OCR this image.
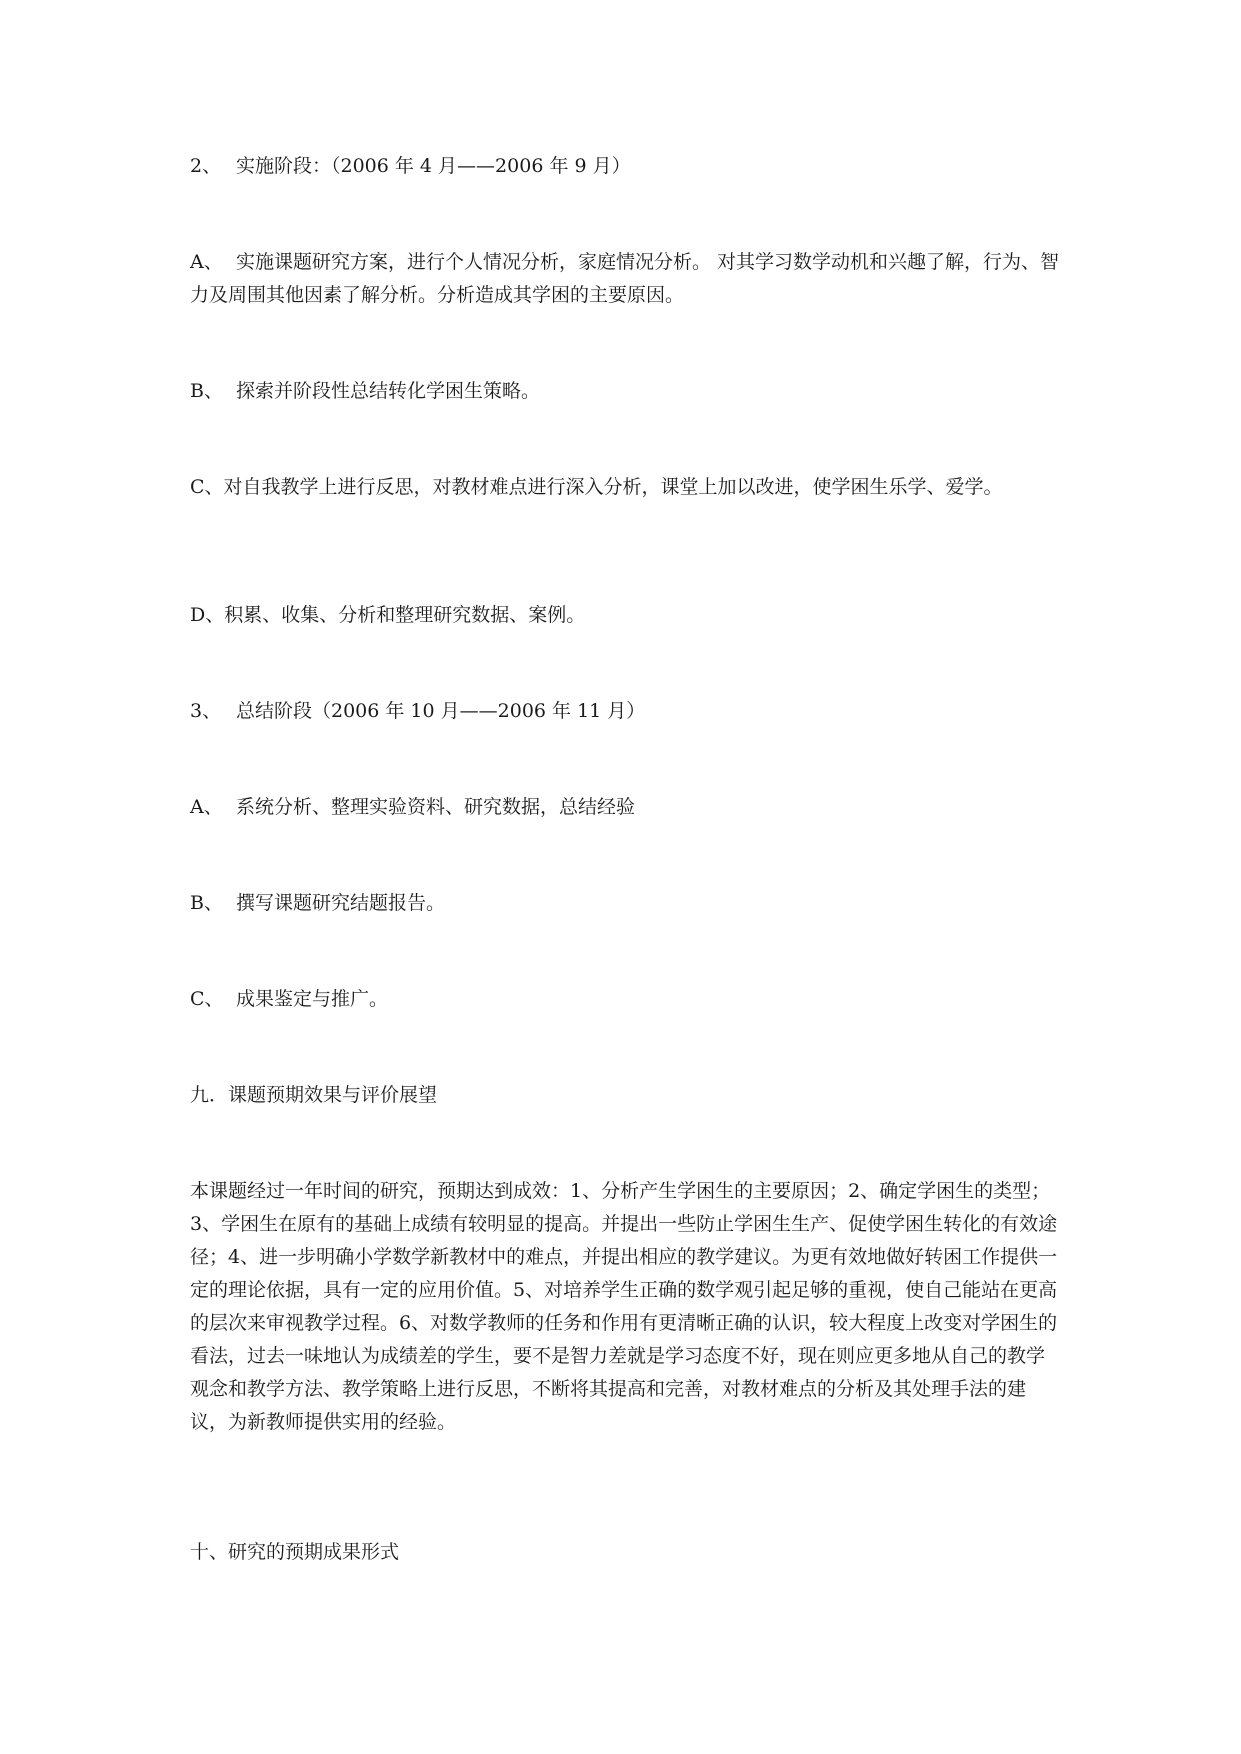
2、 实施阶段：（2006 年 4 月——2006 年 9 月）

A、 实施课题研究方案，进行个人情况分析，家庭情况分析。 对其学习数学动机和兴趣了解，行为、智力及周围其他因素了解分析。分析造成其学困的主要原因。

B、 探索并阶段性总结转化学困生策略。

C、对自我教学上进行反思，对教材难点进行深入分析，课堂上加以改进，使学困生乐学、爱学。

D、积累、收集、分析和整理研究数据、案例。

3、 总结阶段（2006 年 10 月——2006 年 11 月）

A、 系统分析、整理实验资料、研究数据，总结经验

B、 撰写课题研究结题报告。

C、 成果鉴定与推广。

九．课题预期效果与评价展望

本课题经过一年时间的研究，预期达到成效：1、分析产生学困生的主要原因；2、确定学困生的类型；3、学困生在原有的基础上成绩有较明显的提高。并提出一些防止学困生生产、促使学困生转化的有效途径；4、进一步明确小学数学新教材中的难点，并提出相应的教学建议。为更有效地做好转困工作提供一定的理论依据，具有一定的应用价值。5、对培养学生正确的数学观引起足够的重视，使自己能站在更高的层次来审视教学过程。6、对数学教师的任务和作用有更清晰正确的认识，较大程度上改变对学困生的看法，过去一味地认为成绩差的学生，要不是智力差就是学习态度不好，现在则应更多地从自己的教学观念和教学方法、教学策略上进行反思，不断将其提高和完善，对教材难点的分析及其处理手法的建议，为新教师提供实用的经验。

十、研究的预期成果形式
